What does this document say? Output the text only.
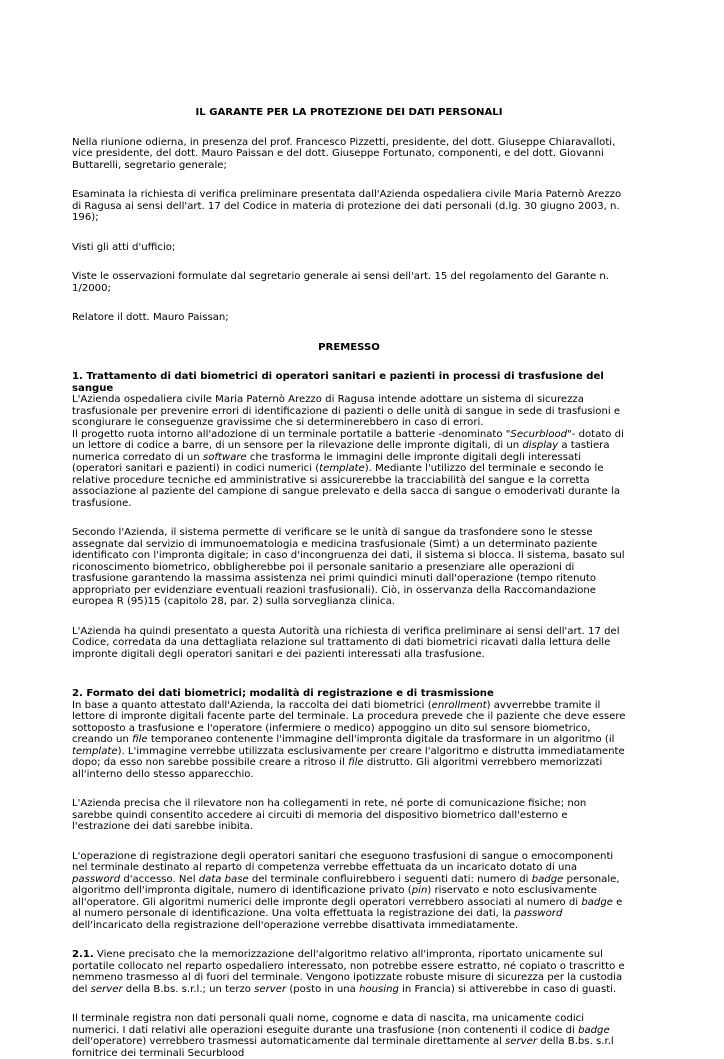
IL GARANTE PER LA PROTEZIONE DEI DATI PERSONALI

Nella riunione odierna, in presenza del prof. Francesco Pizzetti, presidente, del dott. Giuseppe Chiaravalloti, vice presidente, del dott. Mauro Paissan e del dott. Giuseppe Fortunato, componenti, e del dott. Giovanni Buttarelli, segretario generale;

Esaminata la richiesta di verifica preliminare presentata dall'Azienda ospedaliera civile Maria Paternò Arezzo di Ragusa ai sensi dell'art. 17 del Codice in materia di protezione dei dati personali (d.lg. 30 giugno 2003, n. 196);

Visti gli atti d'ufficio;

Viste le osservazioni formulate dal segretario generale ai sensi dell'art. 15 del regolamento del Garante n. 1/2000;

Relatore il dott. Mauro Paissan;

PREMESSO

1. Trattamento di dati biometrici di operatori sanitari e pazienti in processi di trasfusione del sangue

L'Azienda ospedaliera civile Maria Paternò Arezzo di Ragusa intende adottare un sistema di sicurezza trasfusionale per prevenire errori di identificazione di pazienti o delle unità di sangue in sede di trasfusioni e scongiurare le conseguenze gravissime che si determinerebbero in caso di errori.

Il progetto ruota intorno all'adozione di un terminale portatile a batterie -denominato "Securblood"- dotato di un lettore di codice a barre, di un sensore per la rilevazione delle impronte digitali, di un display a tastiera numerica corredato di un software che trasforma le immagini delle impronte digitali degli interessati (operatori sanitari e pazienti) in codici numerici (template). Mediante l'utilizzo del terminale e secondo le relative procedure tecniche ed amministrative si assicurerebbe la tracciabilità del sangue e la corretta associazione al paziente del campione di sangue prelevato e della sacca di sangue o emoderivati durante la trasfusione.

Secondo l'Azienda, il sistema permette di verificare se le unità di sangue da trasfondere sono le stesse assegnate dal servizio di immunoematologia e medicina trasfusionale (Simt) a un determinato paziente identificato con l'impronta digitale; in caso d'incongruenza dei dati, il sistema si blocca. Il sistema, basato sul riconoscimento biometrico, obbligherebbe poi il personale sanitario a presenziare alle operazioni di trasfusione garantendo la massima assistenza nei primi quindici minuti dall'operazione (tempo ritenuto appropriato per evidenziare eventuali reazioni trasfusionali). Ciò, in osservanza della Raccomandazione europea R (95)15 (capitolo 28, par. 2) sulla sorveglianza clinica.

L'Azienda ha quindi presentato a questa Autorità una richiesta di verifica preliminare ai sensi dell'art. 17 del Codice, corredata da una dettagliata relazione sul trattamento di dati biometrici ricavati dalla lettura delle impronte digitali degli operatori sanitari e dei pazienti interessati alla trasfusione.

2. Formato dei dati biometrici; modalità di registrazione e di trasmissione

In base a quanto attestato dall'Azienda, la raccolta dei dati biometrici (enrollment) avverrebbe tramite il lettore di impronte digitali facente parte del terminale. La procedura prevede che il paziente che deve essere sottoposto a trasfusione e l'operatore (infermiere o medico) appoggino un dito sul sensore biometrico, creando un file temporaneo contenente l'immagine dell'impronta digitale da trasformare in un algoritmo (il template). L'immagine verrebbe utilizzata esclusivamente per creare l'algoritmo e distrutta immediatamente dopo; da esso non sarebbe possibile creare a ritroso il file distrutto. Gli algoritmi verrebbero memorizzati all'interno dello stesso apparecchio.

L'Azienda precisa che il rilevatore non ha collegamenti in rete, né porte di comunicazione fisiche; non sarebbe quindi consentito accedere ai circuiti di memoria del dispositivo biometrico dall'esterno e l'estrazione dei dati sarebbe inibita.

L'operazione di registrazione degli operatori sanitari che eseguono trasfusioni di sangue o emocomponenti nel terminale destinato al reparto di competenza verrebbe effettuata da un incaricato dotato di una password d'accesso. Nel data base del terminale confluirebbero i seguenti dati: numero di badge personale, algoritmo dell'impronta digitale, numero di identificazione privato (pin) riservato e noto esclusivamente all'operatore. Gli algoritmi numerici delle impronte degli operatori verrebbero associati al numero di badge e al numero personale di identificazione. Una volta effettuata la registrazione dei dati, la password dell'incaricato della registrazione dell'operazione verrebbe disattivata immediatamente.

2.1. Viene precisato che la memorizzazione dell'algoritmo relativo all'impronta, riportato unicamente sul portatile collocato nel reparto ospedaliero interessato, non potrebbe essere estratto, né copiato o trascritto e nemmeno trasmesso al di fuori del terminale. Vengono ipotizzate robuste misure di sicurezza per la custodia del server della B.bs. s.r.l.; un terzo server (posto in una housing in Francia) si attiverebbe in caso di guasti.

Il terminale registra non dati personali quali nome, cognome e data di nascita, ma unicamente codici numerici. I dati relativi alle operazioni eseguite durante una trasfusione (non contenenti il codice di badge dell'operatore) verrebbero trasmessi automaticamente dal terminale direttamente al server della B.bs. s.r.l fornitrice dei terminali Securblood
